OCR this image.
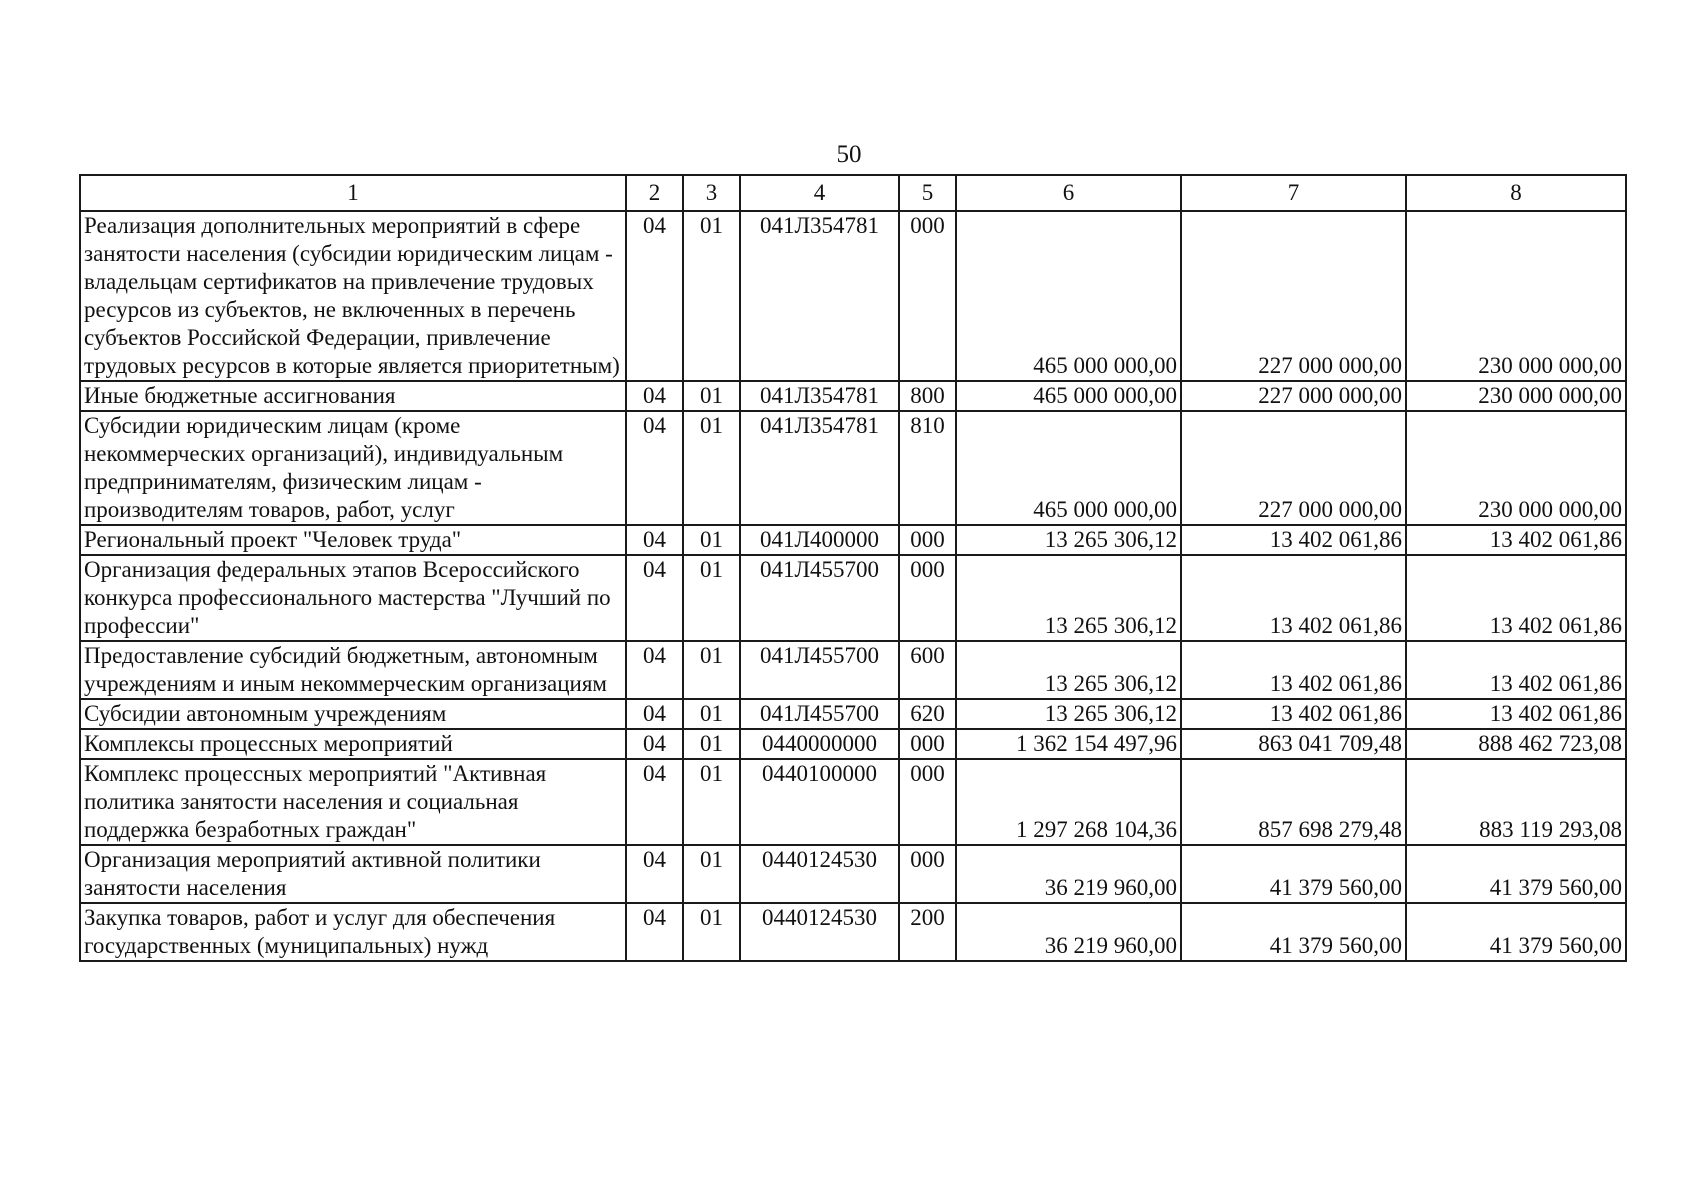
50
1	2	3	4	5	6	7	8
Реализация дополнительных мероприятий в сфере занятости населения (субсидии юридическим лицам - владельцам сертификатов на привлечение трудовых ресурсов из субъектов, не включенных в перечень субъектов Российской Федерации, привлечение трудовых ресурсов в которые является приоритетным)	04	01	041Л354781	000	465 000 000,00	227 000 000,00	230 000 000,00
Иные бюджетные ассигнования	04	01	041Л354781	800	465 000 000,00	227 000 000,00	230 000 000,00
Субсидии юридическим лицам (кроме некоммерческих организаций), индивидуальным предпринимателям, физическим лицам - производителям товаров, работ, услуг	04	01	041Л354781	810	465 000 000,00	227 000 000,00	230 000 000,00
Региональный проект "Человек труда"	04	01	041Л400000	000	13 265 306,12	13 402 061,86	13 402 061,86
Организация федеральных этапов Всероссийского конкурса профессионального мастерства "Лучший по профессии"	04	01	041Л455700	000	13 265 306,12	13 402 061,86	13 402 061,86
Предоставление субсидий бюджетным, автономным учреждениям и иным некоммерческим организациям	04	01	041Л455700	600	13 265 306,12	13 402 061,86	13 402 061,86
Субсидии автономным учреждениям	04	01	041Л455700	620	13 265 306,12	13 402 061,86	13 402 061,86
Комплексы процессных мероприятий	04	01	0440000000	000	1 362 154 497,96	863 041 709,48	888 462 723,08
Комплекс процессных мероприятий "Активная политика занятости населения и социальная поддержка безработных граждан"	04	01	0440100000	000	1 297 268 104,36	857 698 279,48	883 119 293,08
Организация мероприятий активной политики занятости населения	04	01	0440124530	000	36 219 960,00	41 379 560,00	41 379 560,00
Закупка товаров, работ и услуг для обеспечения государственных (муниципальных) нужд	04	01	0440124530	200	36 219 960,00	41 379 560,00	41 379 560,00
